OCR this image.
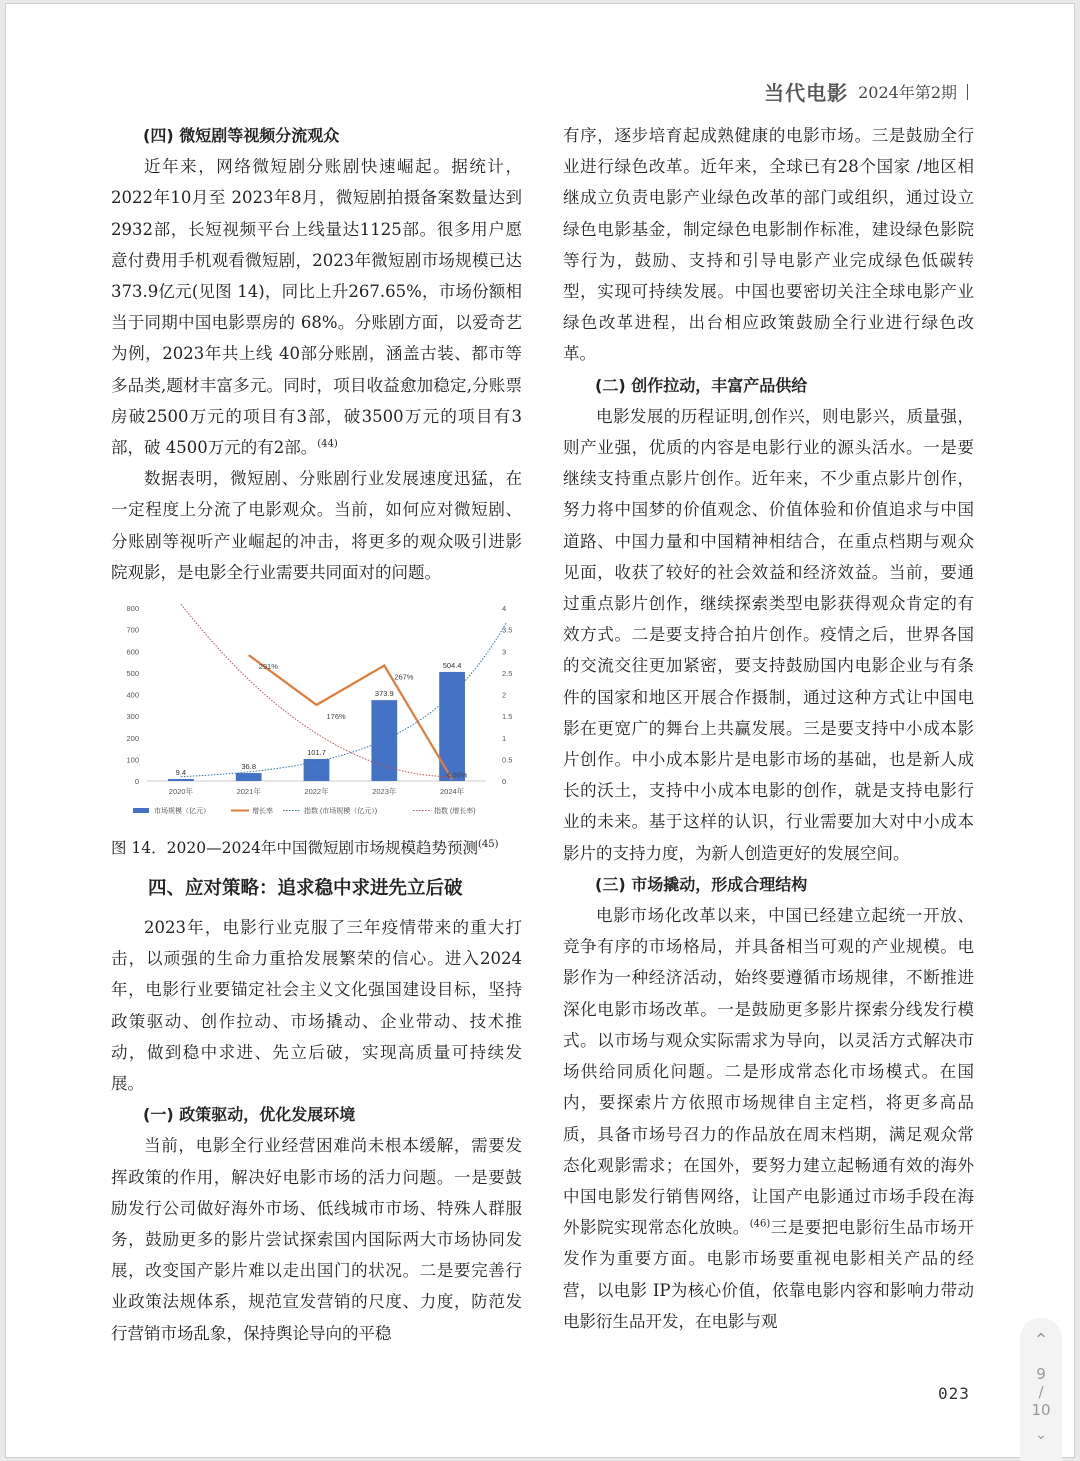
当代电影 2024年第2期
(四) 微短剧等视频分流观众

近年来，网络微短剧分账剧快速崛起。据统计，2022年10月至 2023年8月，微短剧拍摄备案数量达到2932部，长短视频平台上线量达1125部。很多用户愿意付费用手机观看微短剧，2023年微短剧市场规模已达 373.9亿元(见图 14)，同比上升267.65%，市场份额相当于同期中国电影票房的 68%。分账剧方面，以爱奇艺为例，2023年共上线 40部分账剧，涵盖古装、都市等多品类,题材丰富多元。同时，项目收益愈加稳定,分账票房破2500万元的项目有3部，破3500万元的项目有3部，破 4500万元的有2部。$^{(44)}$

数据表明，微短剧、分账剧行业发展速度迅猛，在一定程度上分流了电影观众。当前，如何应对微短剧、分账剧等视听产业崛起的冲击，将更多的观众吸引进影院观影，是电影全行业需要共同面对的问题。

0
100
200
300
400
500
600
700
800
0
0.5
1
1.5
2
2.5
3
3.5
4
9.4
2020年
36.8
2021年
101.7
2022年
373.9
2023年
504.4
2024年
291%
176%
267%
4.00%
市场规模（亿元）	增长率	指数 (市场规模（亿元）)	指数 (增长率)

图 14．2020—2024年中国微短剧市场规模趋势预测$^{(45)}$

四、应对策略：追求稳中求进先立后破

2023年，电影行业克服了三年疫情带来的重大打击，以顽强的生命力重拾发展繁荣的信心。进入2024年，电影行业要锚定社会主义文化强国建设目标，坚持政策驱动、创作拉动、市场撬动、企业带动、技术推动，做到稳中求进、先立后破，实现高质量可持续发展。

(一) 政策驱动，优化发展环境

当前，电影全行业经营困难尚未根本缓解，需要发挥政策的作用，解决好电影市场的活力问题。一是要鼓励发行公司做好海外市场、低线城市市场、特殊人群服务，鼓励更多的影片尝试探索国内国际两大市场协同发展，改变国产影片难以走出国门的状况。二是要完善行业政策法规体系，规范宣发营销的尺度、力度，防范发行营销市场乱象，保持舆论导向的平稳

有序，逐步培育起成熟健康的电影市场。三是鼓励全行业进行绿色改革。近年来，全球已有28个国家 /地区相继成立负责电影产业绿色改革的部门或组织，通过设立绿色电影基金，制定绿色电影制作标准，建设绿色影院等行为，鼓励、支持和引导电影产业完成绿色低碳转型，实现可持续发展。中国也要密切关注全球电影产业绿色改革进程，出台相应政策鼓励全行业进行绿色改革。

(二) 创作拉动，丰富产品供给

电影发展的历程证明,创作兴，则电影兴，质量强，则产业强，优质的内容是电影行业的源头活水。一是要继续支持重点影片创作。近年来，不少重点影片创作，努力将中国梦的价值观念、价值体验和价值追求与中国道路、中国力量和中国精神相结合，在重点档期与观众见面，收获了较好的社会效益和经济效益。当前，要通过重点影片创作，继续探索类型电影获得观众肯定的有效方式。二是要支持合拍片创作。疫情之后，世界各国的交流交往更加紧密，要支持鼓励国内电影企业与有条件的国家和地区开展合作摄制，通过这种方式让中国电影在更宽广的舞台上共赢发展。三是要支持中小成本影片创作。中小成本影片是电影市场的基础，也是新人成长的沃土，支持中小成本电影的创作，就是支持电影行业的未来。基于这样的认识，行业需要加大对中小成本影片的支持力度，为新人创造更好的发展空间。

(三) 市场撬动，形成合理结构

电影市场化改革以来，中国已经建立起统一开放、竞争有序的市场格局，并具备相当可观的产业规模。电影作为一种经济活动，始终要遵循市场规律，不断推进深化电影市场改革。一是鼓励更多影片探索分线发行模式。以市场与观众实际需求为导向，以灵活方式解决市场供给同质化问题。二是形成常态化市场模式。在国内，要探索片方依照市场规律自主定档，将更多高品质，具备市场号召力的作品放在周末档期，满足观众常态化观影需求；在国外，要努力建立起畅通有效的海外中国电影发行销售网络，让国产电影通过市场手段在海外影院实现常态化放映。$^{(46)}$三是要把电影衍生品市场开发作为重要方面。电影市场要重视电影相关产品的经营，以电影 IP为核心价值，依靠电影内容和影响力带动电影衍生品开发，在电影与观

023
⌃
9
/
10
⌄
